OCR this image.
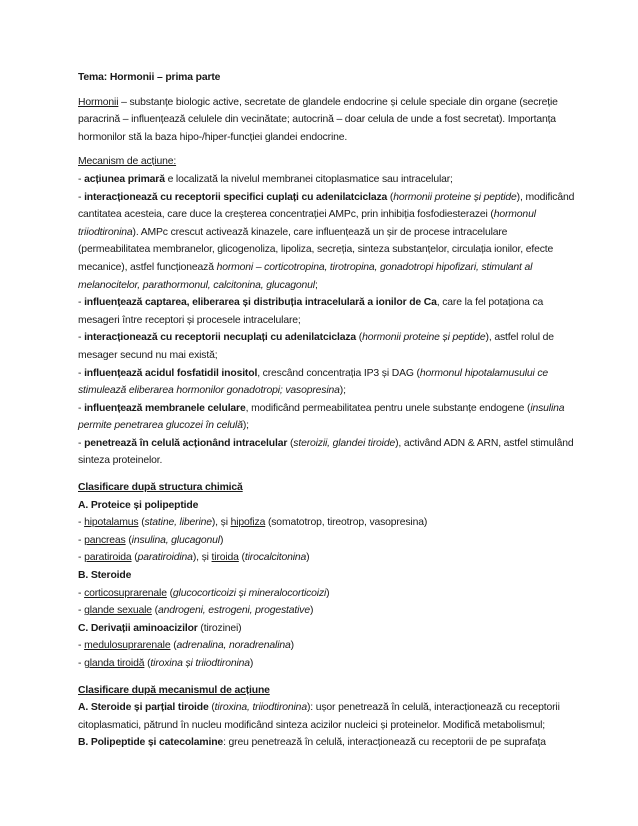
Tema: Hormonii – prima parte

Hormonii – substanțe biologic active, secretate de glandele endocrine și celule speciale din organe (secreție paracrină – influențează celulele din vecinătate; autocrină – doar celula de unde a fost secretat). Importanța hormonilor stă la baza hipo-/hiper-funcției glandei endocrine.

Mecanism de acțiune:

- acțiunea primară e localizată la nivelul membranei citoplasmatice sau intracelular;

- interacționează cu receptorii specifici cuplați cu adenilatciclaza (hormonii proteine și peptide), modificând cantitatea acesteia, care duce la creșterea concentrației AMPc, prin inhibiția fosfodiesterazei (hormonul triiodtironina). AMPc crescut activează kinazele, care influențează un șir de procese intracelulare (permeabilitatea membranelor, glicogenoliza, lipoliza, secreția, sinteza substanțelor, circulația ionilor, efecte mecanice), astfel funcționează hormoni – corticotropina, tirotropina, gonadotropi hipofizari, stimulant al melanocitelor, parathormonul, calcitonina, glucagonul;

- influențează captarea, eliberarea și distribuția intracelulară a ionilor de Ca, care la fel potaționa ca mesageri între receptori și procesele intracelulare;

- interacționează cu receptorii necuplați cu adenilatciclaza (hormonii proteine și peptide), astfel rolul de mesager secund nu mai există;

- influențează acidul fosfatidil inositol, crescând concentrația IP3 și DAG (hormonul hipotalamusului ce stimulează eliberarea hormonilor gonadotropi; vasopresina);

- influențează membranele celulare, modificând permeabilitatea pentru unele substanțe endogene (insulina permite penetrarea glucozei în celulă);

- penetrează în celulă acționând intracelular (steroizii, glandei tiroide), activând ADN & ARN, astfel stimulând sinteza proteinelor.

Clasificare după structura chimică

A. Proteice și polipeptide

- hipotalamus (statine, liberine), și hipofiza (somatotrop, tireotrop, vasopresina)

- pancreas (insulina, glucagonul)

- paratiroida (paratiroidina), și tiroida (tirocalcitonina)

B. Steroide

- corticosuprarenale (glucocorticoizi și mineralocorticoizi)

- glande sexuale (androgeni, estrogeni, progestative)

C. Derivații aminoacizilor (tirozinei)

- medulosuprarenale (adrenalina, noradrenalina)

- glanda tiroidă (tiroxina și triiodtironina)

Clasificare după mecanismul de acțiune

A. Steroide și parțial tiroide (tiroxina, triiodtironina): ușor penetrează în celulă, interacționează cu receptorii citoplasmatici, pătrund în nucleu modificând sinteza acizilor nucleici și proteinelor. Modifică metabolismul;

B. Polipeptide și catecolamine: greu penetrează în celulă, interacționează cu receptorii de pe suprafața
